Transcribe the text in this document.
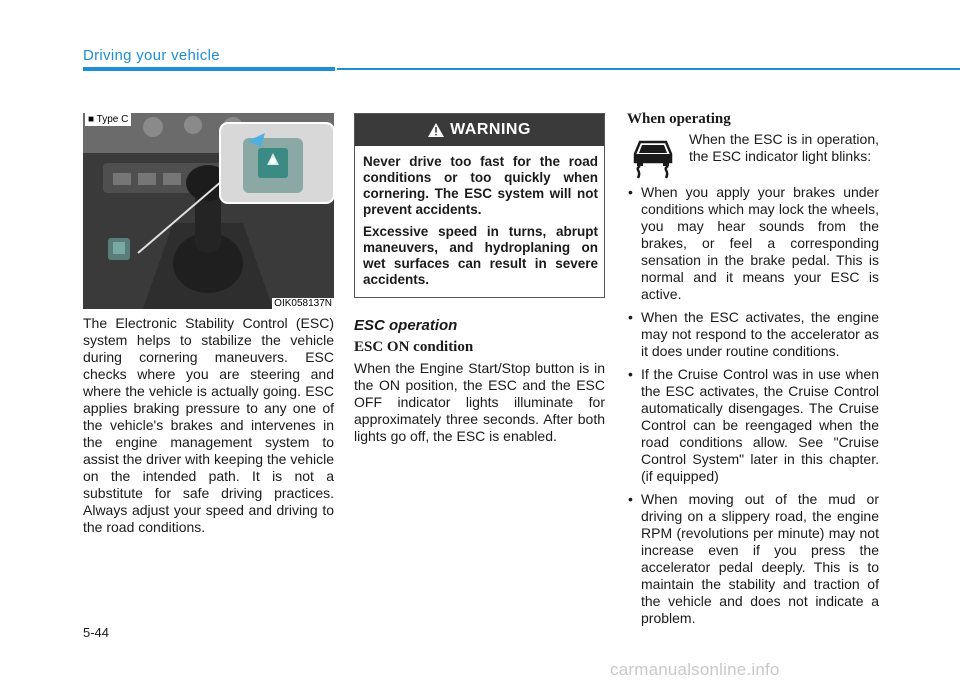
Driving your vehicle
■ Type C
OIK058137N

The Electronic Stability Control (ESC) system helps to stabilize the vehicle during cornering maneuvers. ESC checks where you are steering and where the vehicle is actually going. ESC applies braking pressure to any one of the vehicle's brakes and intervenes in the engine management system to assist the driver with keeping the vehicle on the intended path. It is not a substitute for safe driving practices. Always adjust your speed and driving to the road conditions.

WARNING

Never drive too fast for the road conditions or too quickly when cornering. The ESC system will not prevent accidents.

Excessive speed in turns, abrupt maneuvers, and hydroplaning on wet surfaces can result in severe accidents.

ESC operation
ESC ON condition

When the Engine Start/Stop button is in the ON position, the ESC and the ESC OFF indicator lights illuminate for approximately three seconds. After both lights go off, the ESC is enabled.

When operating

When the ESC is in operation, the ESC indicator light blinks:

• When you apply your brakes under conditions which may lock the wheels, you may hear sounds from the brakes, or feel a corresponding sensation in the brake pedal. This is normal and it means your ESC is active.
• When the ESC activates, the engine may not respond to the accelerator as it does under routine conditions.
• If the Cruise Control was in use when the ESC activates, the Cruise Control automatically disengages. The Cruise Control can be reengaged when the road conditions allow. See "Cruise Control System" later in this chapter. (if equipped)
• When moving out of the mud or driving on a slippery road, the engine RPM (revolutions per minute) may not increase even if you press the accelerator pedal deeply. This is to maintain the stability and traction of the vehicle and does not indicate a problem.
5-44
carmanualsonline.info
